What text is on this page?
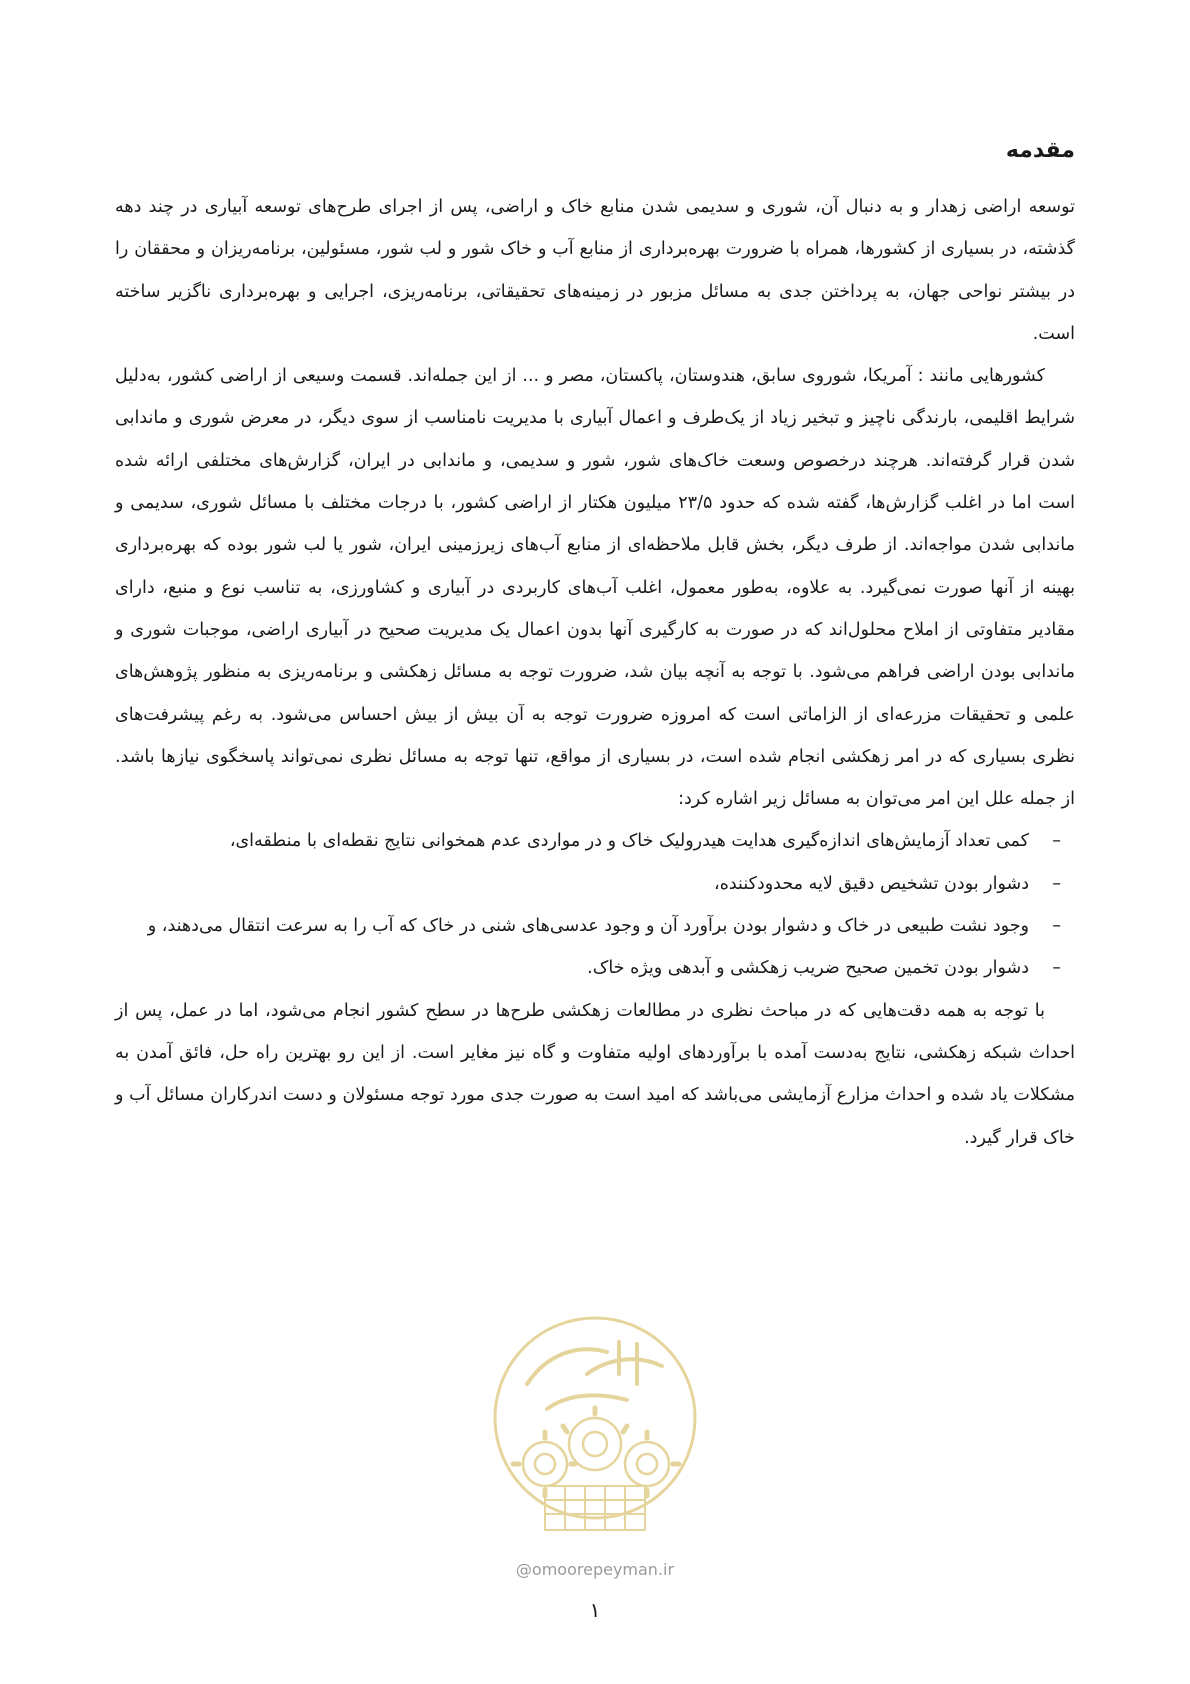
مقدمه

توسعه اراضی زهدار و به دنبال آن، شوری و سدیمی شدن منابع خاک و اراضی، پس از اجرای طرح‌های توسعه آبیاری در چند دهه گذشته، در بسیاری از کشورها، همراه با ضرورت بهره‌برداری از منابع آب و خاک شور و لب شور، مسئولین، برنامه‌ریزان و محققان را در بیشتر نواحی جهان، به پرداختن جدی به مسائل مزبور در زمینه‌های تحقیقاتی، برنامه‌ریزی، اجرایی و بهره‌برداری ناگزیر ساخته است.

کشورهایی مانند : آمریکا، شوروی سابق، هندوستان، پاکستان، مصر و ... از این جمله‌اند. قسمت وسیعی از اراضی کشور، به‌دلیل شرایط اقلیمی، بارندگی ناچیز و تبخیر زیاد از یک‌طرف و اعمال آبیاری با مدیریت نامناسب از سوی دیگر، در معرض شوری و ماندابی شدن قرار گرفته‌اند. هرچند درخصوص وسعت خاک‌های شور، شور و سدیمی، و ماندابی در ایران، گزارش‌های مختلفی ارائه شده است اما در اغلب گزارش‌ها، گفته شده که حدود ۲۳/۵ میلیون هکتار از اراضی کشور، با درجات مختلف با مسائل شوری، سدیمی و ماندابی شدن مواجه‌اند. از طرف دیگر، بخش قابل ملاحظه‌ای از منابع آب‌های زیرزمینی ایران، شور یا لب شور بوده که بهره‌برداری بهینه از آنها صورت نمی‌گیرد. به علاوه، به‌طور معمول، اغلب آب‌های کاربردی در آبیاری و کشاورزی، به تناسب نوع و منبع، دارای مقادیر متفاوتی از املاح محلول‌اند که در صورت به کارگیری آنها بدون اعمال یک مدیریت صحیح در آبیاری اراضی، موجبات شوری و ماندابی بودن اراضی فراهم می‌شود. با توجه به آنچه بیان شد، ضرورت توجه به مسائل زهکشی و برنامه‌ریزی به منظور پژوهش‌های علمی و تحقیقات مزرعه‌ای از الزاماتی است که امروزه ضرورت توجه به آن بیش از بیش احساس می‌شود. به رغم پیشرفت‌های نظری بسیاری که در امر زهکشی انجام شده است، در بسیاری از مواقع، تنها توجه به مسائل نظری نمی‌تواند پاسخگوی نیازها باشد. از جمله علل این امر می‌توان به مسائل زیر اشاره کرد:

–
کمی تعداد آزمایش‌های اندازه‌گیری هدایت هیدرولیک خاک و در مواردی عدم همخوانی نتایج نقطه‌ای با منطقه‌ای،
–
دشوار بودن تشخیص دقیق لایه محدودکننده،
–
وجود نشت طبیعی در خاک و دشوار بودن برآورد آن و وجود عدسی‌های شنی در خاک که آب را به سرعت انتقال می‌دهند، و
–
دشوار بودن تخمین صحیح ضریب زهکشی و آبدهی ویژه خاک.

با توجه به همه دقت‌هایی که در مباحث نظری در مطالعات زهکشی طرح‌ها در سطح کشور انجام می‌شود، اما در عمل، پس از احداث شبکه زهکشی، نتایج به‌دست آمده با برآوردهای اولیه متفاوت و گاه نیز مغایر است. از این رو بهترین راه حل، فائق آمدن به مشکلات یاد شده و احداث مزارع آزمایشی می‌باشد که امید است به صورت جدی مورد توجه مسئولان و دست اندرکاران مسائل آب و خاک قرار گیرد.

@omoorepeyman.ir
۱
